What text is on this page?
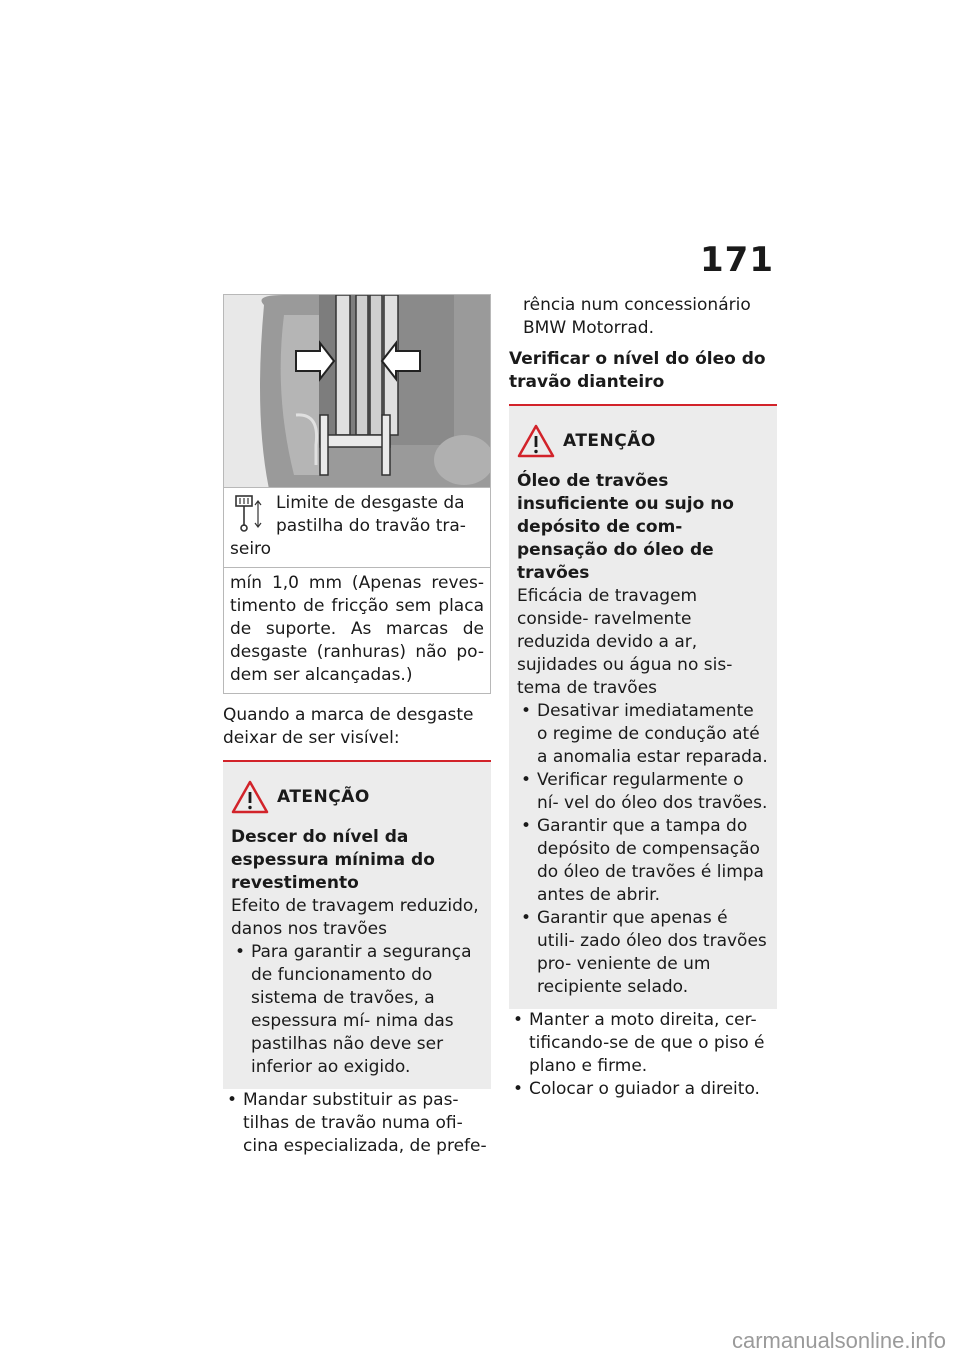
171
Limite de desgaste da pastilha do travão tra- seiro
mín 1,0 mm (Apenas reves- timento de fricção sem placa de suporte. As marcas de desgaste (ranhuras) não po- dem ser alcançadas.)

Quando a marca de desgaste deixar de ser visível:

ATENÇÃO
Descer do nível da espessura mínima do revestimento
Efeito de travagem reduzido, danos nos travões
• Para garantir a segurança de funcionamento do sistema de travões, a espessura mí- nima das pastilhas não deve ser inferior ao exigido.
• Mandar substituir as pas- tilhas de travão numa ofi- cina especializada, de prefe-
rência num concessionário BMW Motorrad.
Verificar o nível do óleo do travão dianteiro
ATENÇÃO
Óleo de travões insuficiente ou sujo no depósito de com- pensação do óleo de travões
Eficácia de travagem conside- ravelmente reduzida devido a ar, sujidades ou água no sis- tema de travões
• Desativar imediatamente o regime de condução até a anomalia estar reparada.
• Verificar regularmente o ní- vel do óleo dos travões.
• Garantir que a tampa do depósito de compensação do óleo de travões é limpa antes de abrir.
• Garantir que apenas é utili- zado óleo dos travões pro- veniente de um recipiente selado.
• Manter a moto direita, cer- tificando-se de que o piso é plano e firme.
• Colocar o guiador a direito.
carmanualsonline.info
